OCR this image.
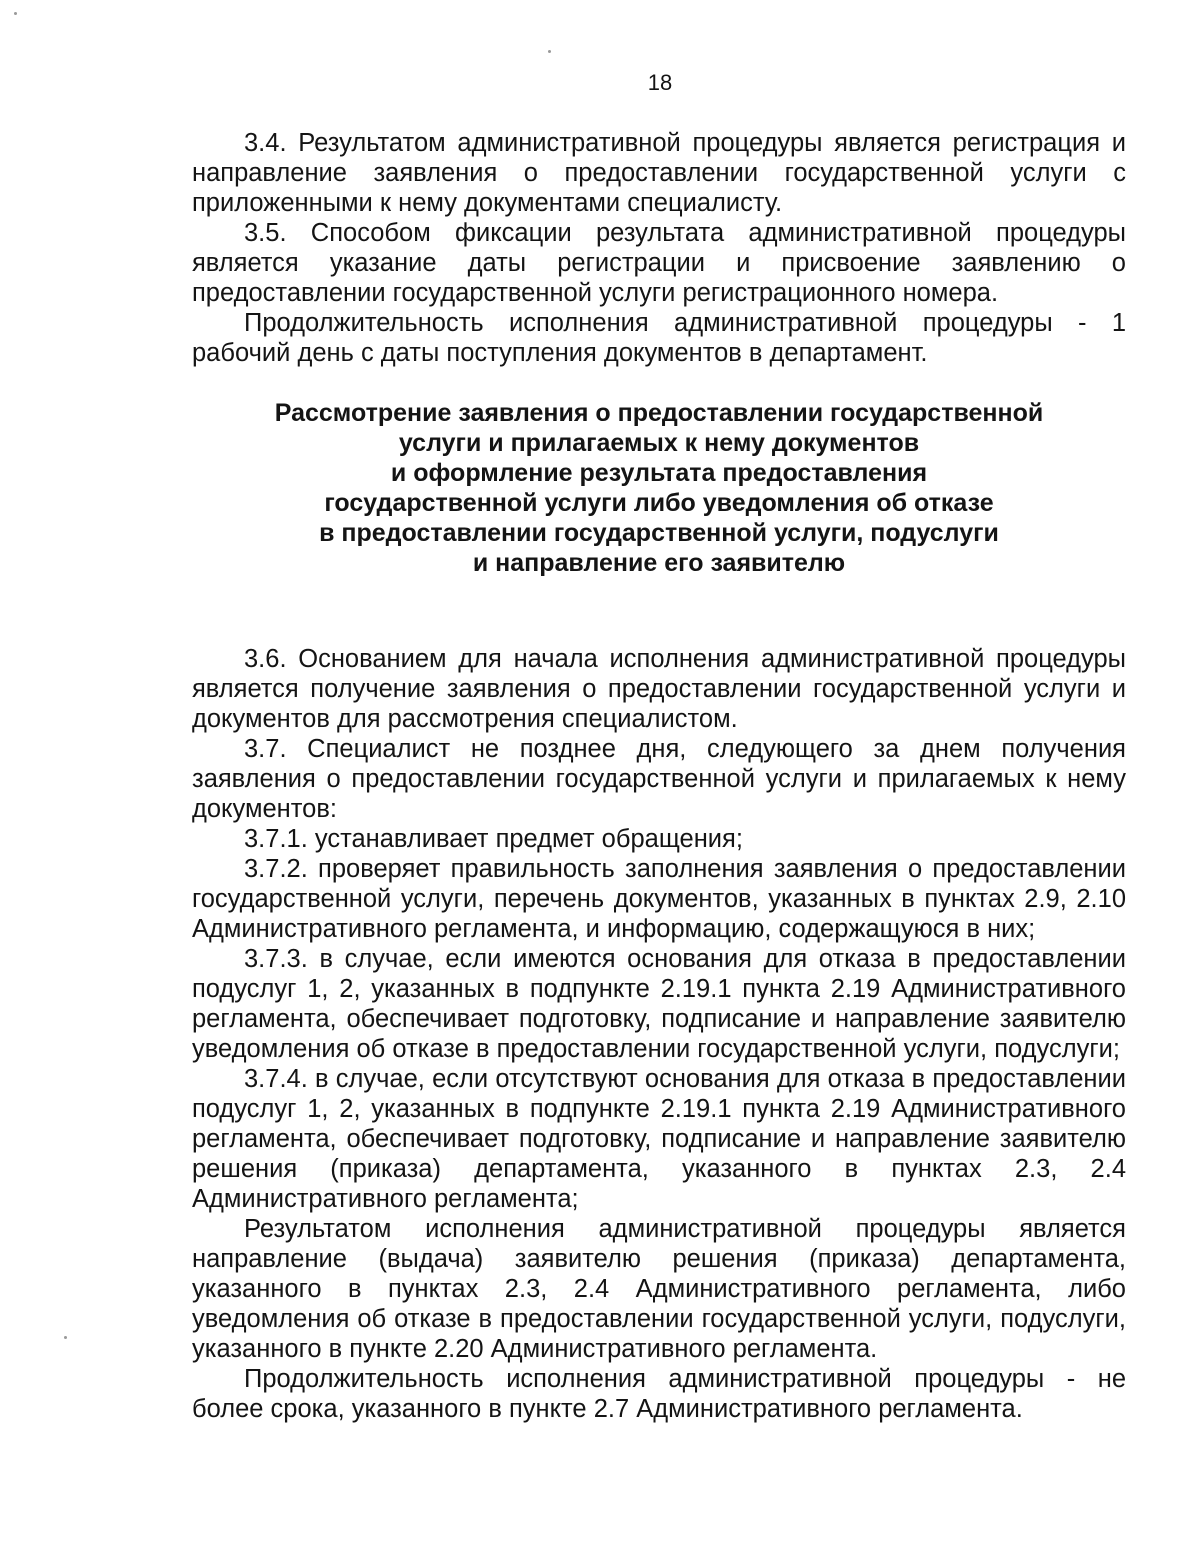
18

3.4. Результатом административной процедуры является регистрация и направление заявления о предоставлении государственной услуги с приложенными к нему документами специалисту.

3.5. Способом фиксации результата административной процедуры является указание даты регистрации и присвоение заявлению о предоставлении государственной услуги регистрационного номера.

Продолжительность исполнения административной процедуры - 1 рабочий день с даты поступления документов в департамент.

Рассмотрение заявления о предоставлении государственной
услуги и прилагаемых к нему документов
и оформление результата предоставления
государственной услуги либо уведомления об отказе
в предоставлении государственной услуги, подуслуги
и направление его заявителю

3.6. Основанием для начала исполнения административной процедуры является получение заявления о предоставлении государственной услуги и документов для рассмотрения специалистом.

3.7. Специалист не позднее дня, следующего за днем получения заявления о предоставлении государственной услуги и прилагаемых к нему документов:

3.7.1. устанавливает предмет обращения;

3.7.2. проверяет правильность заполнения заявления о предоставлении государственной услуги, перечень документов, указанных в пунктах 2.9, 2.10 Административного регламента, и информацию, содержащуюся в них;

3.7.3. в случае, если имеются основания для отказа в предоставлении подуслуг 1, 2, указанных в подпункте 2.19.1 пункта 2.19 Административного регламента, обеспечивает подготовку, подписание и направление заявителю уведомления об отказе в предоставлении государственной услуги, подуслуги;

3.7.4. в случае, если отсутствуют основания для отказа в предоставлении подуслуг 1, 2, указанных в подпункте 2.19.1 пункта 2.19 Административного регламента, обеспечивает подготовку, подписание и направление заявителю решения (приказа) департамента, указанного в пунктах 2.3, 2.4 Административного регламента;

Результатом исполнения административной процедуры является направление (выдача) заявителю решения (приказа) департамента, указанного в пунктах 2.3, 2.4 Административного регламента, либо уведомления об отказе в предоставлении государственной услуги, подуслуги, указанного в пункте 2.20 Административного регламента.

Продолжительность исполнения административной процедуры - не более срока, указанного в пункте 2.7 Административного регламента.
